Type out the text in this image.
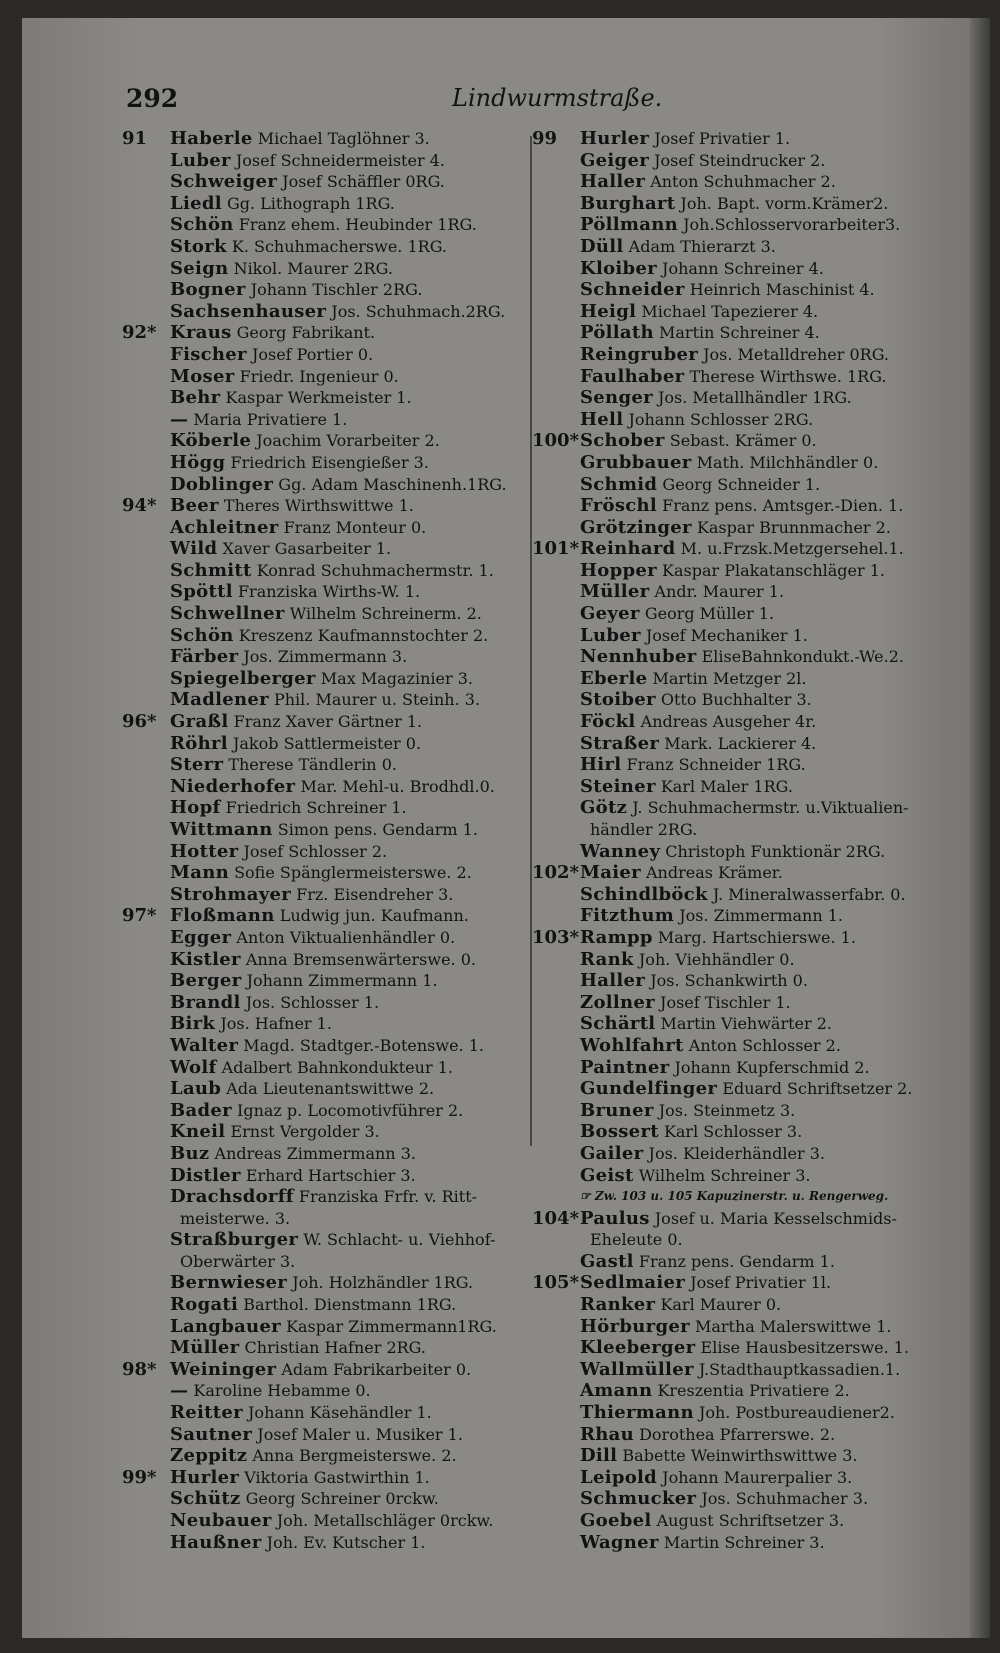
292	Lindwurmstraße.
91 Haberle Michael Taglöhner 3.
Luber Josef Schneidermeister 4.
Schweiger Josef Schäffler 0RG.
Liedl Gg. Lithograph 1RG.
Schön Franz ehem. Heubinder 1RG.
Stork K. Schuhmacherswe. 1RG.
Seign Nikol. Maurer 2RG.
Bogner Johann Tischler 2RG.
Sachsenhauser Jos. Schuhmach.2RG.
92* Kraus Georg Fabrikant.
Fischer Josef Portier 0.
Moser Friedr. Ingenieur 0.
Behr Kaspar Werkmeister 1.
— Maria Privatiere 1.
Köberle Joachim Vorarbeiter 2.
Högg Friedrich Eisengießer 3.
Doblinger Gg. Adam Maschinenh.1RG.
94* Beer Theres Wirthswittwe 1.
Achleitner Franz Monteur 0.
Wild Xaver Gasarbeiter 1.
Schmitt Konrad Schuhmachermstr. 1.
Spöttl Franziska Wirths-W. 1.
Schwellner Wilhelm Schreinerm. 2.
Schön Kreszenz Kaufmannstochter 2.
Färber Jos. Zimmermann 3.
Spiegelberger Max Magazinier 3.
Madlener Phil. Maurer u. Steinh. 3.
96* Graßl Franz Xaver Gärtner 1.
Röhrl Jakob Sattlermeister 0.
Sterr Therese Tändlerin 0.
Niederhofer Mar. Mehl-u. Brodhdl.0.
Hopf Friedrich Schreiner 1.
Wittmann Simon pens. Gendarm 1.
Hotter Josef Schlosser 2.
Mann Sofie Spänglermeisterswe. 2.
Strohmayer Frz. Eisendreher 3.
97* Floßmann Ludwig jun. Kaufmann.
Egger Anton Viktualienhändler 0.
Kistler Anna Bremsenwärterswe. 0.
Berger Johann Zimmermann 1.
Brandl Jos. Schlosser 1.
Birk Jos. Hafner 1.
Walter Magd. Stadtger.-Botenswe. 1.
Wolf Adalbert Bahnkondukteur 1.
Laub Ada Lieutenantswittwe 2.
Bader Ignaz p. Locomotivführer 2.
Kneil Ernst Vergolder 3.
Buz Andreas Zimmermann 3.
Distler Erhard Hartschier 3.
Drachsdorff Franziska Frfr. v. Ritt-
meisterwe. 3.
Straßburger W. Schlacht- u. Viehhof-
Oberwärter 3.
Bernwieser Joh. Holzhändler 1RG.
Rogati Barthol. Dienstmann 1RG.
Langbauer Kaspar Zimmermann1RG.
Müller Christian Hafner 2RG.
98* Weininger Adam Fabrikarbeiter 0.
— Karoline Hebamme 0.
Reitter Johann Käsehändler 1.
Sautner Josef Maler u. Musiker 1.
Zeppitz Anna Bergmeisterswe. 2.
99* Hurler Viktoria Gastwirthin 1.
Schütz Georg Schreiner 0rckw.
Neubauer Joh. Metallschläger 0rckw.
Haußner Joh. Ev. Kutscher 1.
99 Hurler Josef Privatier 1.
Geiger Josef Steindrucker 2.
Haller Anton Schuhmacher 2.
Burghart Joh. Bapt. vorm.Krämer2.
Pöllmann Joh.Schlosservorarbeiter3.
Düll Adam Thierarzt 3.
Kloiber Johann Schreiner 4.
Schneider Heinrich Maschinist 4.
Heigl Michael Tapezierer 4.
Pöllath Martin Schreiner 4.
Reingruber Jos. Metalldreher 0RG.
Faulhaber Therese Wirthswe. 1RG.
Senger Jos. Metallhändler 1RG.
Hell Johann Schlosser 2RG.
100*Schober Sebast. Krämer 0.
Grubbauer Math. Milchhändler 0.
Schmid Georg Schneider 1.
Fröschl Franz pens. Amtsger.-Dien. 1.
Grötzinger Kaspar Brunnmacher 2.
101*Reinhard M. u.Frzsk.Metzgersehel.1.
Hopper Kaspar Plakatanschläger 1.
Müller Andr. Maurer 1.
Geyer Georg Müller 1.
Luber Josef Mechaniker 1.
Nennhuber EliseBahnkondukt.-We.2.
Eberle Martin Metzger 2l.
Stoiber Otto Buchhalter 3.
Föckl Andreas Ausgeher 4r.
Straßer Mark. Lackierer 4.
Hirl Franz Schneider 1RG.
Steiner Karl Maler 1RG.
Götz J. Schuhmachermstr. u.Viktualien-
händler 2RG.
Wanney Christoph Funktionär 2RG.
102*Maier Andreas Krämer.
Schindlböck J. Mineralwasserfabr. 0.
Fitzthum Jos. Zimmermann 1.
103*Rampp Marg. Hartschierswe. 1.
Rank Joh. Viehhändler 0.
Haller Jos. Schankwirth 0.
Zollner Josef Tischler 1.
Schärtl Martin Viehwärter 2.
Wohlfahrt Anton Schlosser 2.
Paintner Johann Kupferschmid 2.
Gundelfinger Eduard Schriftsetzer 2.
Bruner Jos. Steinmetz 3.
Bossert Karl Schlosser 3.
Gailer Jos. Kleiderhändler 3.
Geist Wilhelm Schreiner 3.
☞ Zw. 103 u. 105 Kapuzinerstr. u. Rengerweg.
104*Paulus Josef u. Maria Kesselschmids-
Eheleute 0.
Gastl Franz pens. Gendarm 1.
105*Sedlmaier Josef Privatier 1l.
Ranker Karl Maurer 0.
Hörburger Martha Malerswittwe 1.
Kleeberger Elise Hausbesitzerswe. 1.
Wallmüller J.Stadthauptkassadien.1.
Amann Kreszentia Privatiere 2.
Thiermann Joh. Postbureaudiener2.
Rhau Dorothea Pfarrerswe. 2.
Dill Babette Weinwirthswittwe 3.
Leipold Johann Maurerpalier 3.
Schmucker Jos. Schuhmacher 3.
Goebel August Schriftsetzer 3.
Wagner Martin Schreiner 3.
